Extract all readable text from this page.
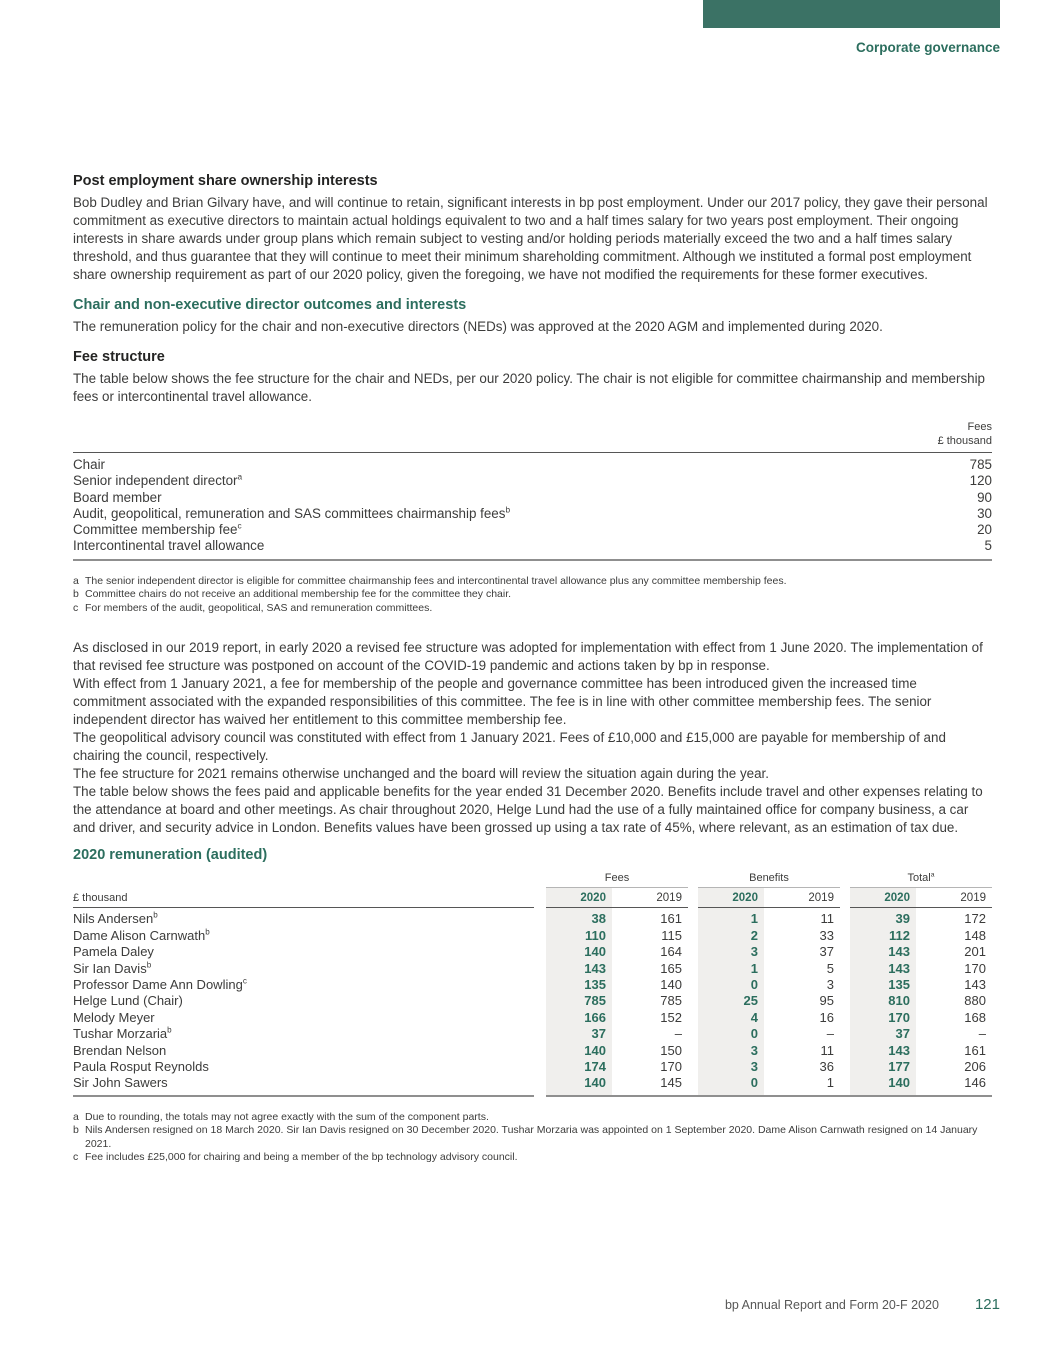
Corporate governance
Post employment share ownership interests

Bob Dudley and Brian Gilvary have, and will continue to retain, significant interests in bp post employment. Under our 2017 policy, they gave their personal commitment as executive directors to maintain actual holdings equivalent to two and a half times salary for two years post employment. Their ongoing interests in share awards under group plans which remain subject to vesting and/or holding periods materially exceed the two and a half times salary threshold, and thus guarantee that they will continue to meet their minimum shareholding commitment. Although we instituted a formal post employment share ownership requirement as part of our 2020 policy, given the foregoing, we have not modified the requirements for these former executives.

Chair and non-executive director outcomes and interests

The remuneration policy for the chair and non-executive directors (NEDs) was approved at the 2020 AGM and implemented during 2020.

Fee structure

The table below shows the fee structure for the chair and NEDs, per our 2020 policy. The chair is not eligible for committee chairmanship and membership fees or intercontinental travel allowance.

	Fees
£ thousand
Chair	785
Senior independent director$^a$	120
Board member	90
Audit, geopolitical, remuneration and SAS committees chairmanship fees$^b$	30
Committee membership fee$^c$	20
Intercontinental travel allowance	5
a The senior independent director is eligible for committee chairmanship fees and intercontinental travel allowance plus any committee membership fees.
b Committee chairs do not receive an additional membership fee for the committee they chair.
c For members of the audit, geopolitical, SAS and remuneration committees.

As disclosed in our 2019 report, in early 2020 a revised fee structure was adopted for implementation with effect from 1 June 2020. The implementation of that revised fee structure was postponed on account of the COVID-19 pandemic and actions taken by bp in response.

With effect from 1 January 2021, a fee for membership of the people and governance committee has been introduced given the increased time commitment associated with the expanded responsibilities of this committee. The fee is in line with other committee membership fees. The senior independent director has waived her entitlement to this committee membership fee.

The geopolitical advisory council was constituted with effect from 1 January 2021. Fees of £10,000 and £15,000 are payable for membership of and chairing the council, respectively.

The fee structure for 2021 remains otherwise unchanged and the board will review the situation again during the year.

The table below shows the fees paid and applicable benefits for the year ended 31 December 2020. Benefits include travel and other expenses relating to the attendance at board and other meetings. As chair throughout 2020, Helge Lund had the use of a fully maintained office for company business, a car and driver, and security advice in London. Benefits values have been grossed up using a tax rate of 45%, where relevant, as an estimation of tax due.

2020 remuneration (audited)
		Fees			Benefits			Total$^a$
£ thousand		2020	2019		2020	2019		2020	2019
Nils Andersen$^b$		38	161		1	11		39	172
Dame Alison Carnwath$^b$		110	115		2	33		112	148
Pamela Daley		140	164		3	37		143	201
Sir Ian Davis$^b$		143	165		1	5		143	170
Professor Dame Ann Dowling$^c$		135	140		0	3		135	143
Helge Lund (Chair)		785	785		25	95		810	880
Melody Meyer		166	152		4	16		170	168
Tushar Morzaria$^b$		37	–		0	–		37	–
Brendan Nelson		140	150		3	11		143	161
Paula Rosput Reynolds		174	170		3	36		177	206
Sir John Sawers		140	145		0	1		140	146
a Due to rounding, the totals may not agree exactly with the sum of the component parts.
b Nils Andersen resigned on 18 March 2020. Sir Ian Davis resigned on 30 December 2020. Tushar Morzaria was appointed on 1 September 2020. Dame Alison Carnwath resigned on 14 January 2021.
c Fee includes £25,000 for chairing and being a member of the bp technology advisory council.
bp Annual Report and Form 20-F 2020 121
